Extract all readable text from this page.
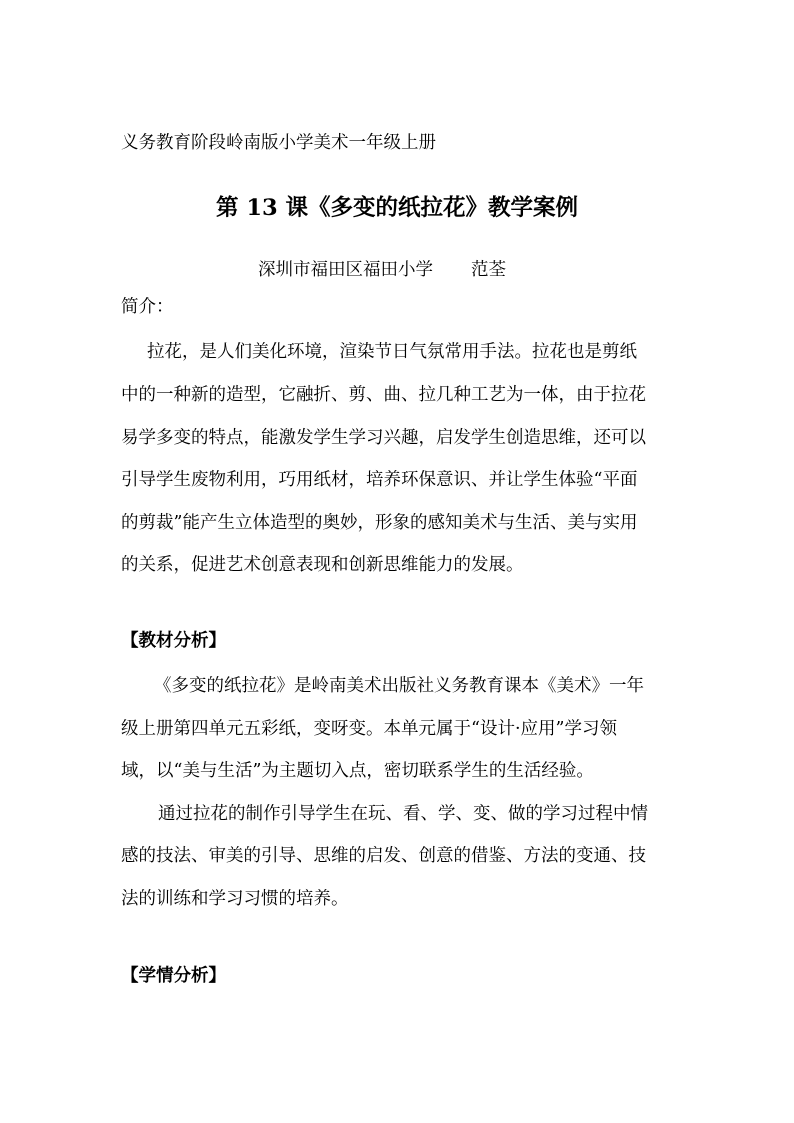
义务教育阶段岭南版小学美术一年级上册

第 13 课《多变的纸拉花》教学案例

深圳市福田区福田小学 范荃

简介：

拉花，是人们美化环境，渲染节日气氛常用手法。拉花也是剪纸

中的一种新的造型，它融折、剪、曲、拉几种工艺为一体，由于拉花

易学多变的特点，能激发学生学习兴趣，启发学生创造思维，还可以

引导学生废物利用，巧用纸材，培养环保意识、并让学生体验“平面

的剪裁”能产生立体造型的奥妙，形象的感知美术与生活、美与实用

的关系，促进艺术创意表现和创新思维能力的发展。

【教材分析】

《多变的纸拉花》是岭南美术出版社义务教育课本《美术》一年

级上册第四单元五彩纸，变呀变。本单元属于“设计·应用”学习领

域，以“美与生活”为主题切入点，密切联系学生的生活经验。

通过拉花的制作引导学生在玩、看、学、变、做的学习过程中情

感的技法、审美的引导、思维的启发、创意的借鉴、方法的变通、技

法的训练和学习习惯的培养。

【学情分析】
